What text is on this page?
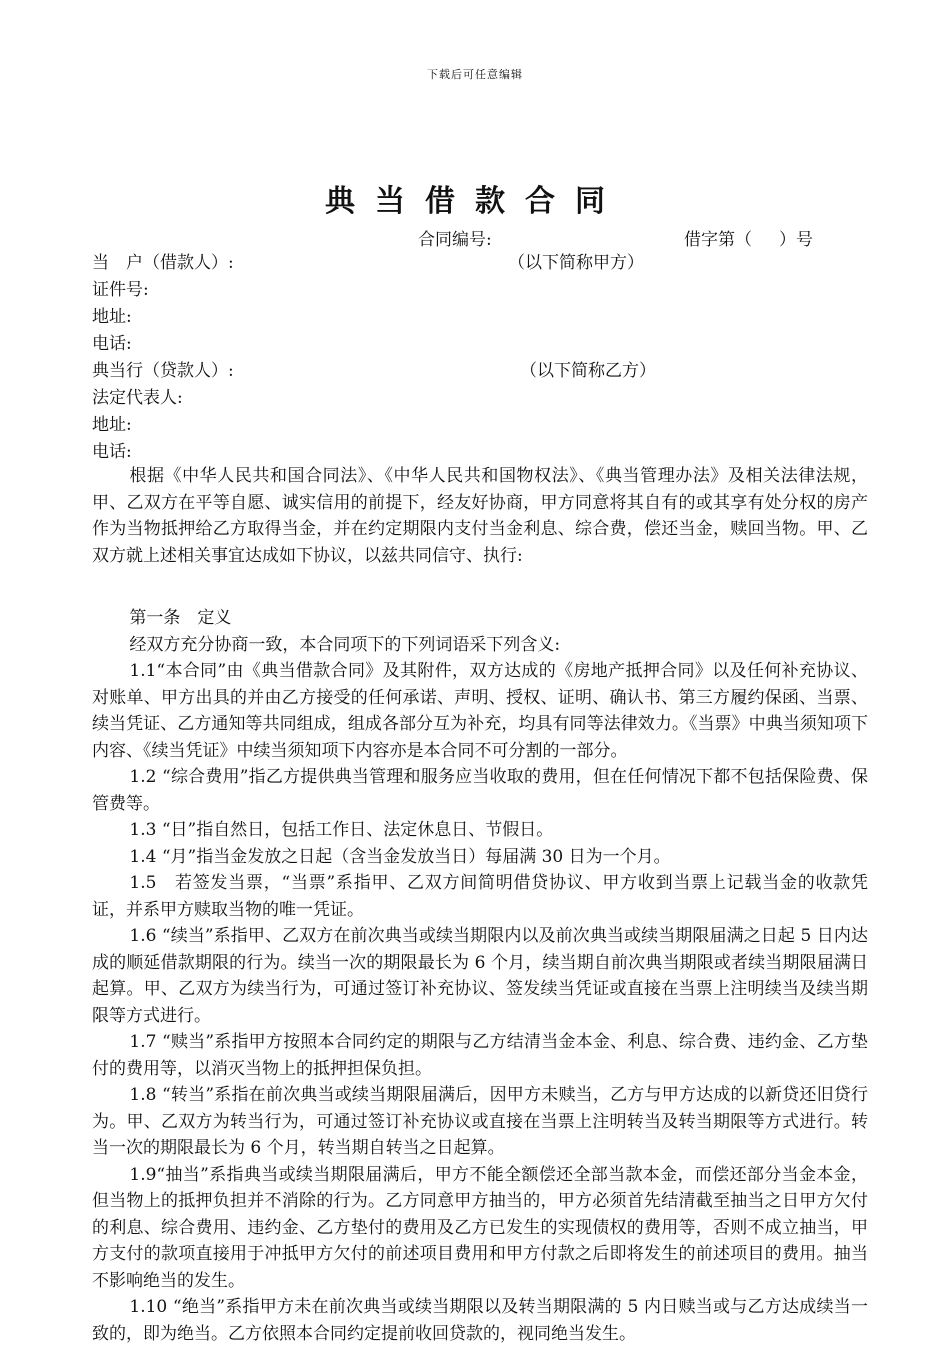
下载后可任意编辑
典当借款合同
合同编号:	借字第（     ）号
当　户（借款人）:	（以下简称甲方）
证件号:
地址:
电话:
典当行（贷款人）:	（以下简称乙方）
法定代表人:
地址:
电话:

根据《中华人民共和国合同法》、《中华人民共和国物权法》、《典当管理办法》及相关法律法规，甲、乙双方在平等自愿、诚实信用的前提下，经友好协商，甲方同意将其自有的或其享有处分权的房产作为当物抵押给乙方取得当金，并在约定期限内支付当金利息、综合费，偿还当金，赎回当物。甲、乙双方就上述相关事宜达成如下协议，以兹共同信守、执行:

第一条　定义

经双方充分协商一致，本合同项下的下列词语采下列含义:

1.1“本合同”由《典当借款合同》及其附件，双方达成的《房地产抵押合同》以及任何补充协议、对账单、甲方出具的并由乙方接受的任何承诺、声明、授权、证明、确认书、第三方履约保函、当票、续当凭证、乙方通知等共同组成，组成各部分互为补充，均具有同等法律效力。《当票》中典当须知项下内容、《续当凭证》中续当须知项下内容亦是本合同不可分割的一部分。

1.2 “综合费用”指乙方提供典当管理和服务应当收取的费用，但在任何情况下都不包括保险费、保管费等。

1.3 “日”指自然日，包括工作日、法定休息日、节假日。

1.4 “月”指当金发放之日起（含当金发放当日）每届满 30 日为一个月。

1.5　若签发当票，“当票”系指甲、乙双方间简明借贷协议、甲方收到当票上记载当金的收款凭证，并系甲方赎取当物的唯一凭证。

1.6 “续当”系指甲、乙双方在前次典当或续当期限内以及前次典当或续当期限届满之日起 5 日内达成的顺延借款期限的行为。续当一次的期限最长为 6 个月，续当期自前次典当期限或者续当期限届满日起算。甲、乙双方为续当行为，可通过签订补充协议、签发续当凭证或直接在当票上注明续当及续当期限等方式进行。

1.7 “赎当”系指甲方按照本合同约定的期限与乙方结清当金本金、利息、综合费、违约金、乙方垫付的费用等，以消灭当物上的抵押担保负担。

1.8 “转当”系指在前次典当或续当期限届满后，因甲方未赎当，乙方与甲方达成的以新贷还旧贷行为。甲、乙双方为转当行为，可通过签订补充协议或直接在当票上注明转当及转当期限等方式进行。转当一次的期限最长为 6 个月，转当期自转当之日起算。

1.9“抽当”系指典当或续当期限届满后，甲方不能全额偿还全部当款本金，而偿还部分当金本金，但当物上的抵押负担并不消除的行为。乙方同意甲方抽当的，甲方必须首先结清截至抽当之日甲方欠付的利息、综合费用、违约金、乙方垫付的费用及乙方已发生的实现债权的费用等，否则不成立抽当，甲方支付的款项直接用于冲抵甲方欠付的前述项目费用和甲方付款之后即将发生的前述项目的费用。抽当不影响绝当的发生。

1.10 “绝当”系指甲方未在前次典当或续当期限以及转当期限满的 5 内日赎当或与乙方达成续当一致的，即为绝当。乙方依照本合同约定提前收回贷款的，视同绝当发生。
